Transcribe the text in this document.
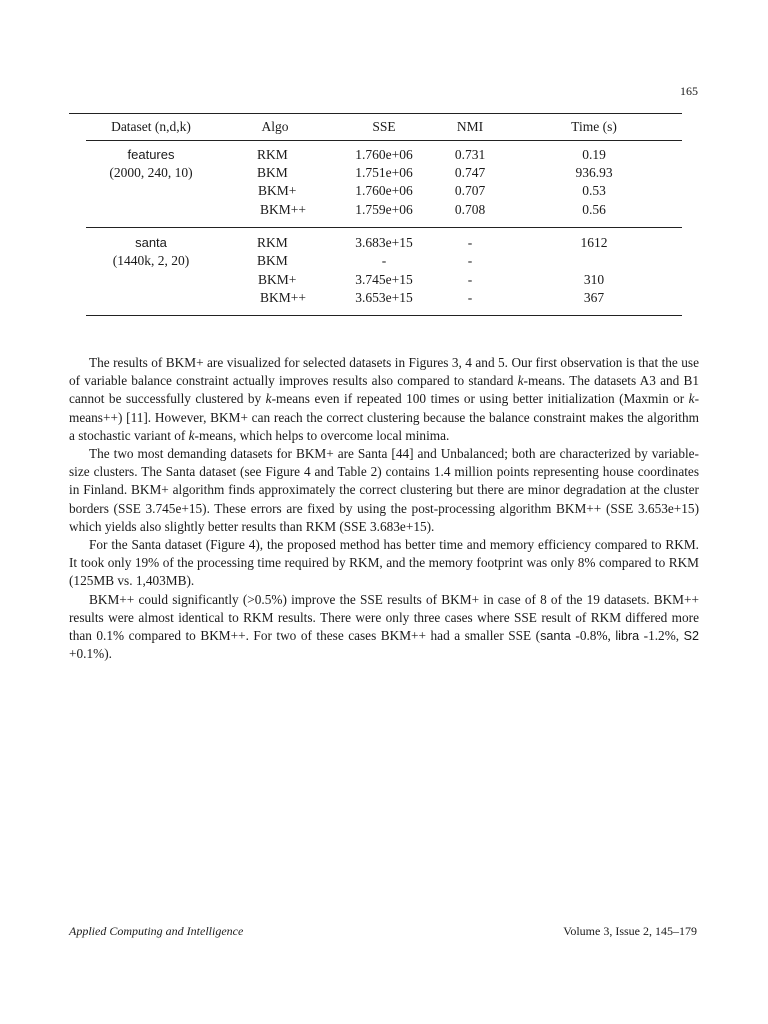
165
Dataset (n,d,k)	Algo	SSE	NMI	Time (s)
features
(2000, 240, 10)
RKM	1.760e+06	0.731	0.19
BKM	1.751e+06	0.747	936.93
BKM+	1.760e+06	0.707	0.53
BKM++	1.759e+06	0.708	0.56
santa
(1440k, 2, 20)
RKM	3.683e+15	-	1612
BKM	-	-
BKM+	3.745e+15	-	310
BKM++	3.653e+15	-	367

The results of BKM+ are visualized for selected datasets in Figures 3, 4 and 5. Our first observation is that the use of variable balance constraint actually improves results also compared to standard k-means. The datasets A3 and B1 cannot be successfully clustered by k-means even if repeated 100 times or using better initialization (Maxmin or k-means++) [11]. However, BKM+ can reach the correct clustering because the balance constraint makes the algorithm a stochastic variant of k-means, which helps to overcome local minima.

The two most demanding datasets for BKM+ are Santa [44] and Unbalanced; both are characterized by variable-size clusters. The Santa dataset (see Figure 4 and Table 2) contains 1.4 million points representing house coordinates in Finland. BKM+ algorithm finds approximately the correct clustering but there are minor degradation at the cluster borders (SSE 3.745e+15). These errors are fixed by using the post-processing algorithm BKM++ (SSE 3.653e+15) which yields also slightly better results than RKM (SSE 3.683e+15).

For the Santa dataset (Figure 4), the proposed method has better time and memory efficiency compared to RKM. It took only 19% of the processing time required by RKM, and the memory footprint was only 8% compared to RKM (125MB vs. 1,403MB).

BKM++ could significantly (>0.5%) improve the SSE results of BKM+ in case of 8 of the 19 datasets. BKM++ results were almost identical to RKM results. There were only three cases where SSE result of RKM differed more than 0.1% compared to BKM++. For two of these cases BKM++ had a smaller SSE (santa -0.8%, libra -1.2%, S2 +0.1%).

Applied Computing and Intelligence	Volume 3, Issue 2, 145–179
